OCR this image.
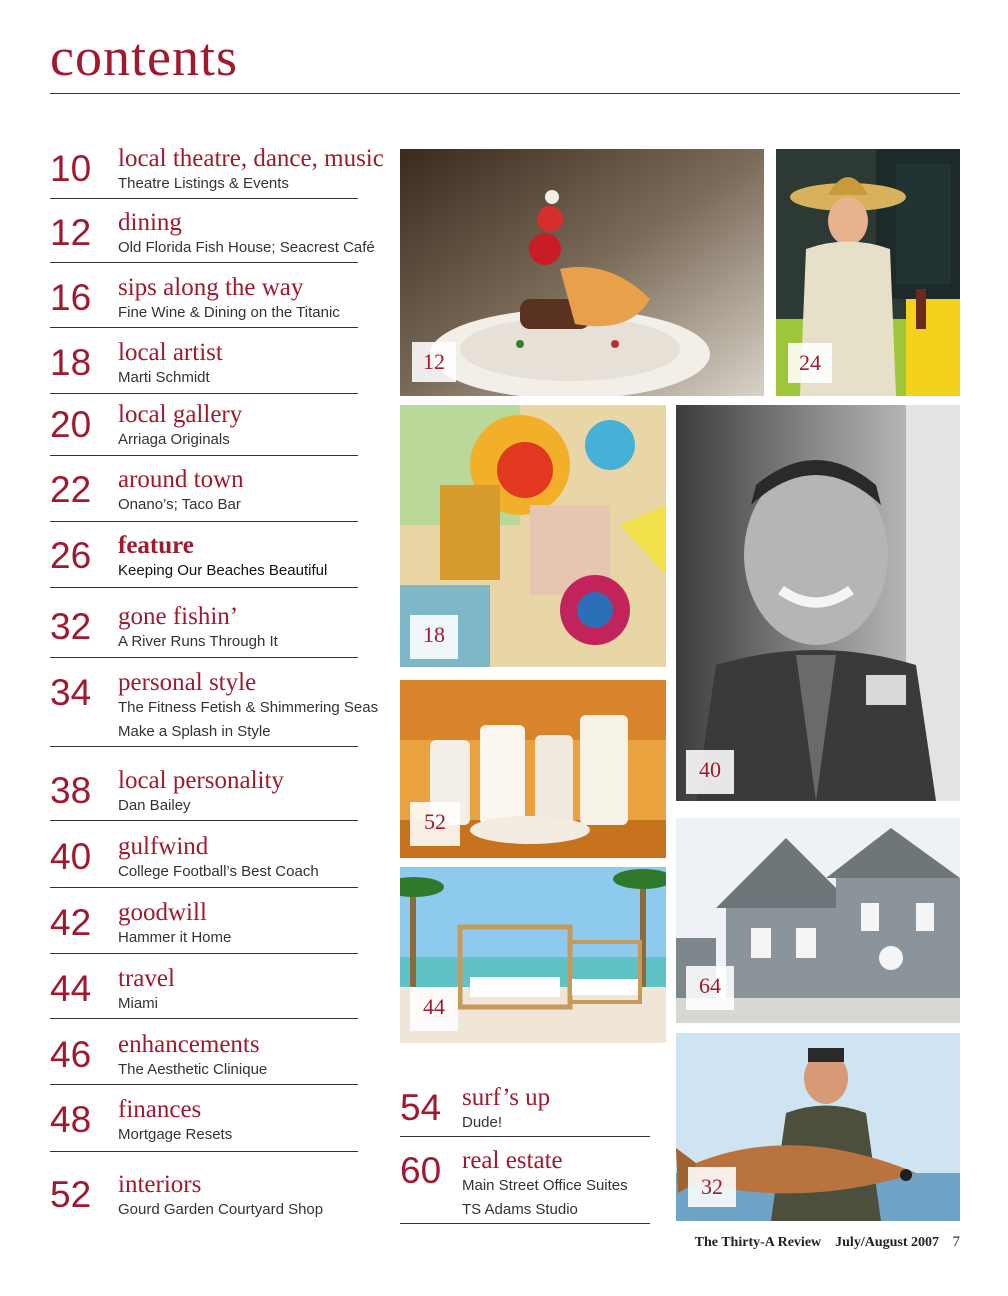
contents
10 local theatre, dance, music
Theatre Listings & Events
12 dining
Old Florida Fish House; Seacrest Café
16 sips along the way
Fine Wine & Dining on the Titanic
18 local artist
Marti Schmidt
20 local gallery
Arriaga Originals
22 around town
Onano’s; Taco Bar
26 feature
Keeping Our Beaches Beautiful
32 gone fishin’
A River Runs Through It
34 personal style
The Fitness Fetish & Shimmering Seas
Make a Splash in Style
38 local personality
Dan Bailey
40 gulfwind
College Football’s Best Coach
42 goodwill
Hammer it Home
44 travel
Miami
46 enhancements
The Aesthetic Clinique
48 finances
Mortgage Resets
52 interiors
Gourd Garden Courtyard Shop
54 surf’s up
Dude!
60 real estate
Main Street Office Suites
TS Adams Studio
12	24
18
40
52
44
64
32
The Thirty-A Review July/August 2007 7
